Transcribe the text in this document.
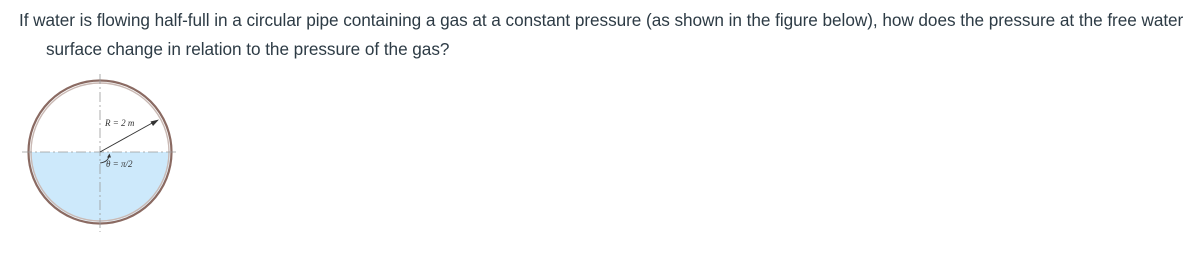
If water is flowing half-full in a circular pipe containing a gas at a constant pressure (as shown in the figure below), how does the pressure at the free water surface change in relation to the pressure of the gas?

R = 2 m
θ = π/2
